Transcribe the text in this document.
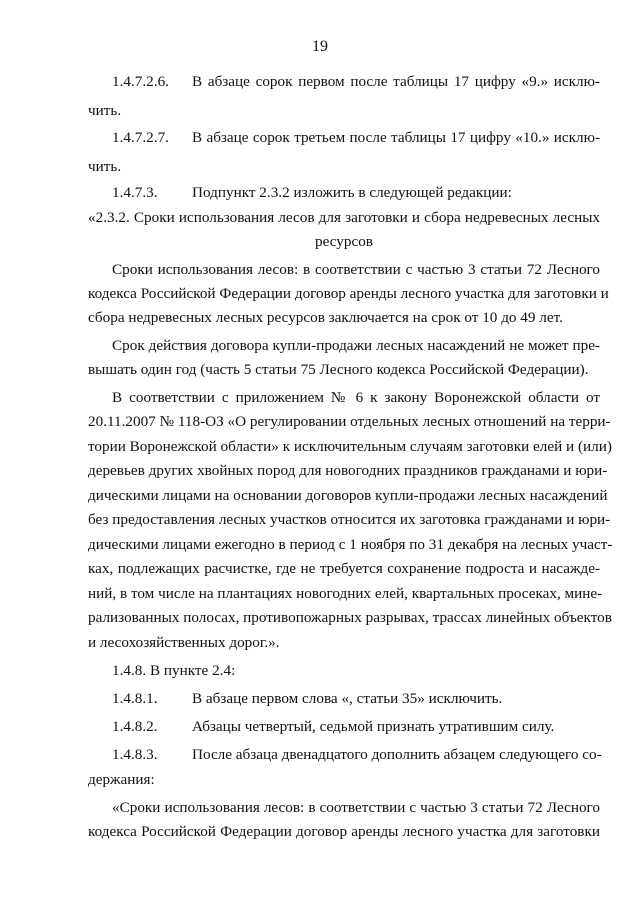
19
1.4.7.2.6. В абзаце сорок первом после таблицы 17 цифру «9.» исклю-
чить.
1.4.7.2.7. В абзаце сорок третьем после таблицы 17 цифру «10.» исклю-
чить.
1.4.7.3. Подпункт 2.3.2 изложить в следующей редакции:
«2.3.2. Сроки использования лесов для заготовки и сбора недревесных лесных
ресурсов
Сроки использования лесов: в соответствии с частью 3 статьи 72 Лесного
кодекса Российской Федерации договор аренды лесного участка для заготовки и
сбора недревесных лесных ресурсов заключается на срок от 10 до 49 лет.
Срок действия договора купли-продажи лесных насаждений не может пре-
вышать один год (часть 5 статьи 75 Лесного кодекса Российской Федерации).
В соответствии с приложением № 6 к закону Воронежской области от
20.11.2007 № 118-ОЗ «О регулировании отдельных лесных отношений на терри-
тории Воронежской области» к исключительным случаям заготовки елей и (или)
деревьев других хвойных пород для новогодних праздников гражданами и юри-
дическими лицами на основании договоров купли-продажи лесных насаждений
без предоставления лесных участков относится их заготовка гражданами и юри-
дическими лицами ежегодно в период с 1 ноября по 31 декабря на лесных участ-
ках, подлежащих расчистке, где не требуется сохранение подроста и насажде-
ний, в том числе на плантациях новогодних елей, квартальных просеках, мине-
рализованных полосах, противопожарных разрывах, трассах линейных объектов
и лесохозяйственных дорог.».
1.4.8. В пункте 2.4:
1.4.8.1. В абзаце первом слова «, статьи 35» исключить.
1.4.8.2. Абзацы четвертый, седьмой признать утратившим силу.
1.4.8.3. После абзаца двенадцатого дополнить абзацем следующего со-
держания:
«Сроки использования лесов: в соответствии с частью 3 статьи 72 Лесного
кодекса Российской Федерации договор аренды лесного участка для заготовки
